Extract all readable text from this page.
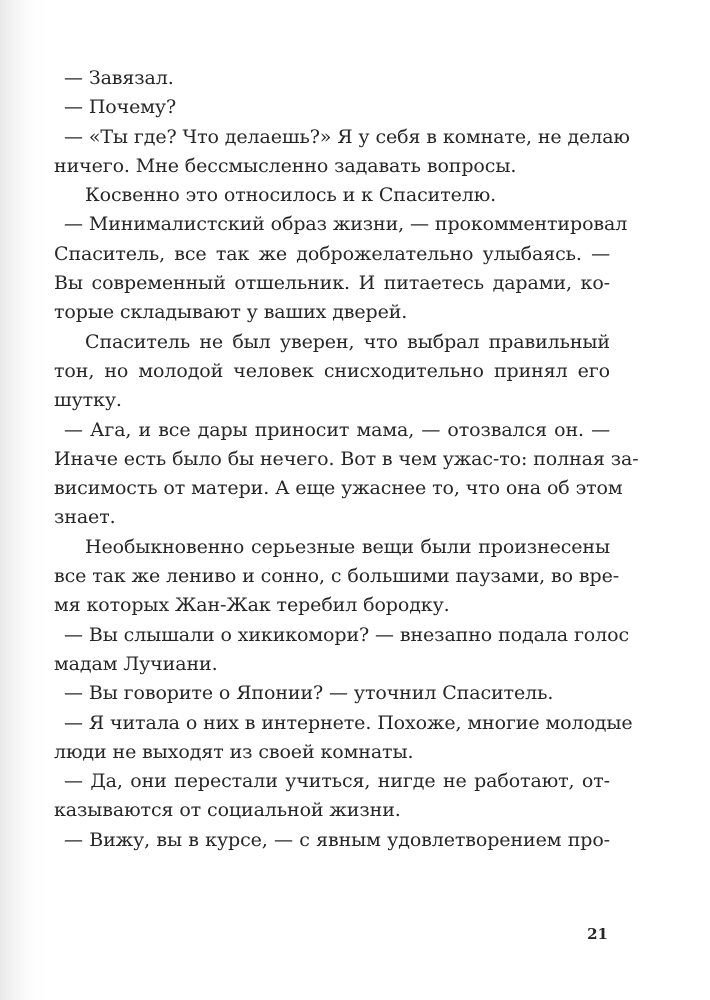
— Завязал.
— Почему?
— «Ты где? Что делаешь?» Я у себя в комнате, не делаю
ничего. Мне бессмысленно задавать вопросы.
Косвенно это относилось и к Спасителю.
— Минималистский образ жизни, — прокомментировал
Спаситель, все так же доброжелательно улыбаясь. —
Вы современный отшельник. И питаетесь дарами, ко-
торые складывают у ваших дверей.
Спаситель не был уверен, что выбрал правильный
тон, но молодой человек снисходительно принял его
шутку.
— Ага, и все дары приносит мама, — отозвался он. —
Иначе есть было бы нечего. Вот в чем ужас-то: полная за-
висимость от матери. А еще ужаснее то, что она об этом
знает.
Необыкновенно серьезные вещи были произнесены
все так же лениво и сонно, с большими паузами, во вре-
мя которых Жан-Жак теребил бородку.
— Вы слышали о хикикомори? — внезапно подала голос
мадам Лучиани.
— Вы говорите о Японии? — уточнил Спаситель.
— Я читала о них в интернете. Похоже, многие молодые
люди не выходят из своей комнаты.
— Да, они перестали учиться, нигде не работают, от-
казываются от социальной жизни.
— Вижу, вы в курсе, — с явным удовлетворением про-
21
